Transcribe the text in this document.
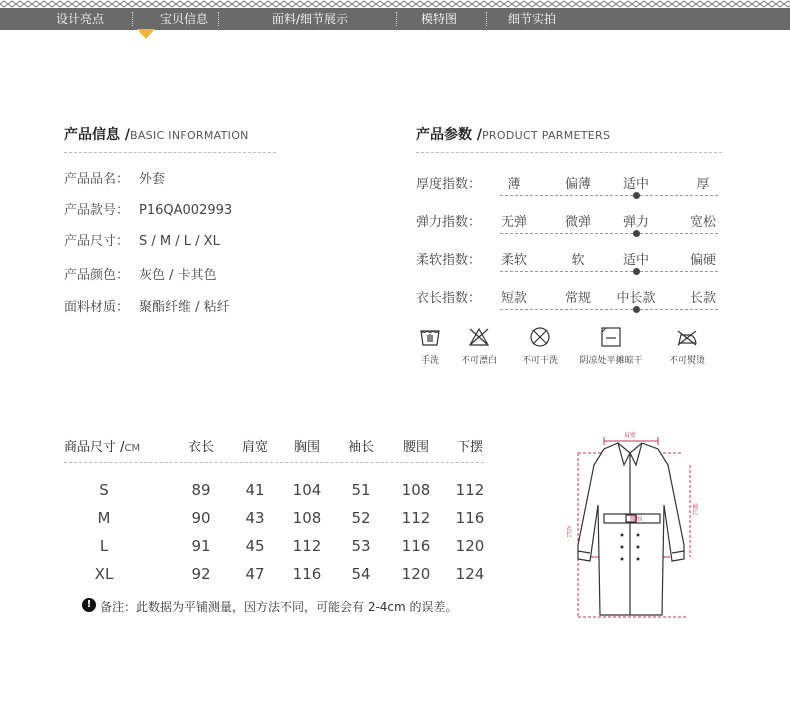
设计亮点	宝贝信息	面料/细节展示	模特图	细节实拍
产品信息 /BASIC INFORMATION
产品品名： 外套
产品款号： P16QA002993
产品尺寸： S / M / L / XL
产品颜色： 灰色 / 卡其色
面料材质： 聚酯纤维 / 粘纤
产品参数 /PRODUCT PARMETERS
厚度指数： 薄	偏薄 适中	厚
弹力指数： 无弹	微弹 弹力	宽松
柔软指数： 柔软	软	适中	偏硬
衣长指数： 短款	常规 中长款	长款
手洗 不可漂白	不可干洗 阴凉处平摊晾干	不可熨烫
商品尺寸 /CM	衣长 肩宽 胸围 袖长 腰围 下摆
S	89 41 104 51 108 112
M	90 43 108 52 112 116
L	91 45 112 53 116 120
XL	92 47 116 54 120 124
! 备注：此数据为平铺测量，因方法不同，可能会有 2-4cm 的误差。
肩宽
腰围
袖长
衣长
